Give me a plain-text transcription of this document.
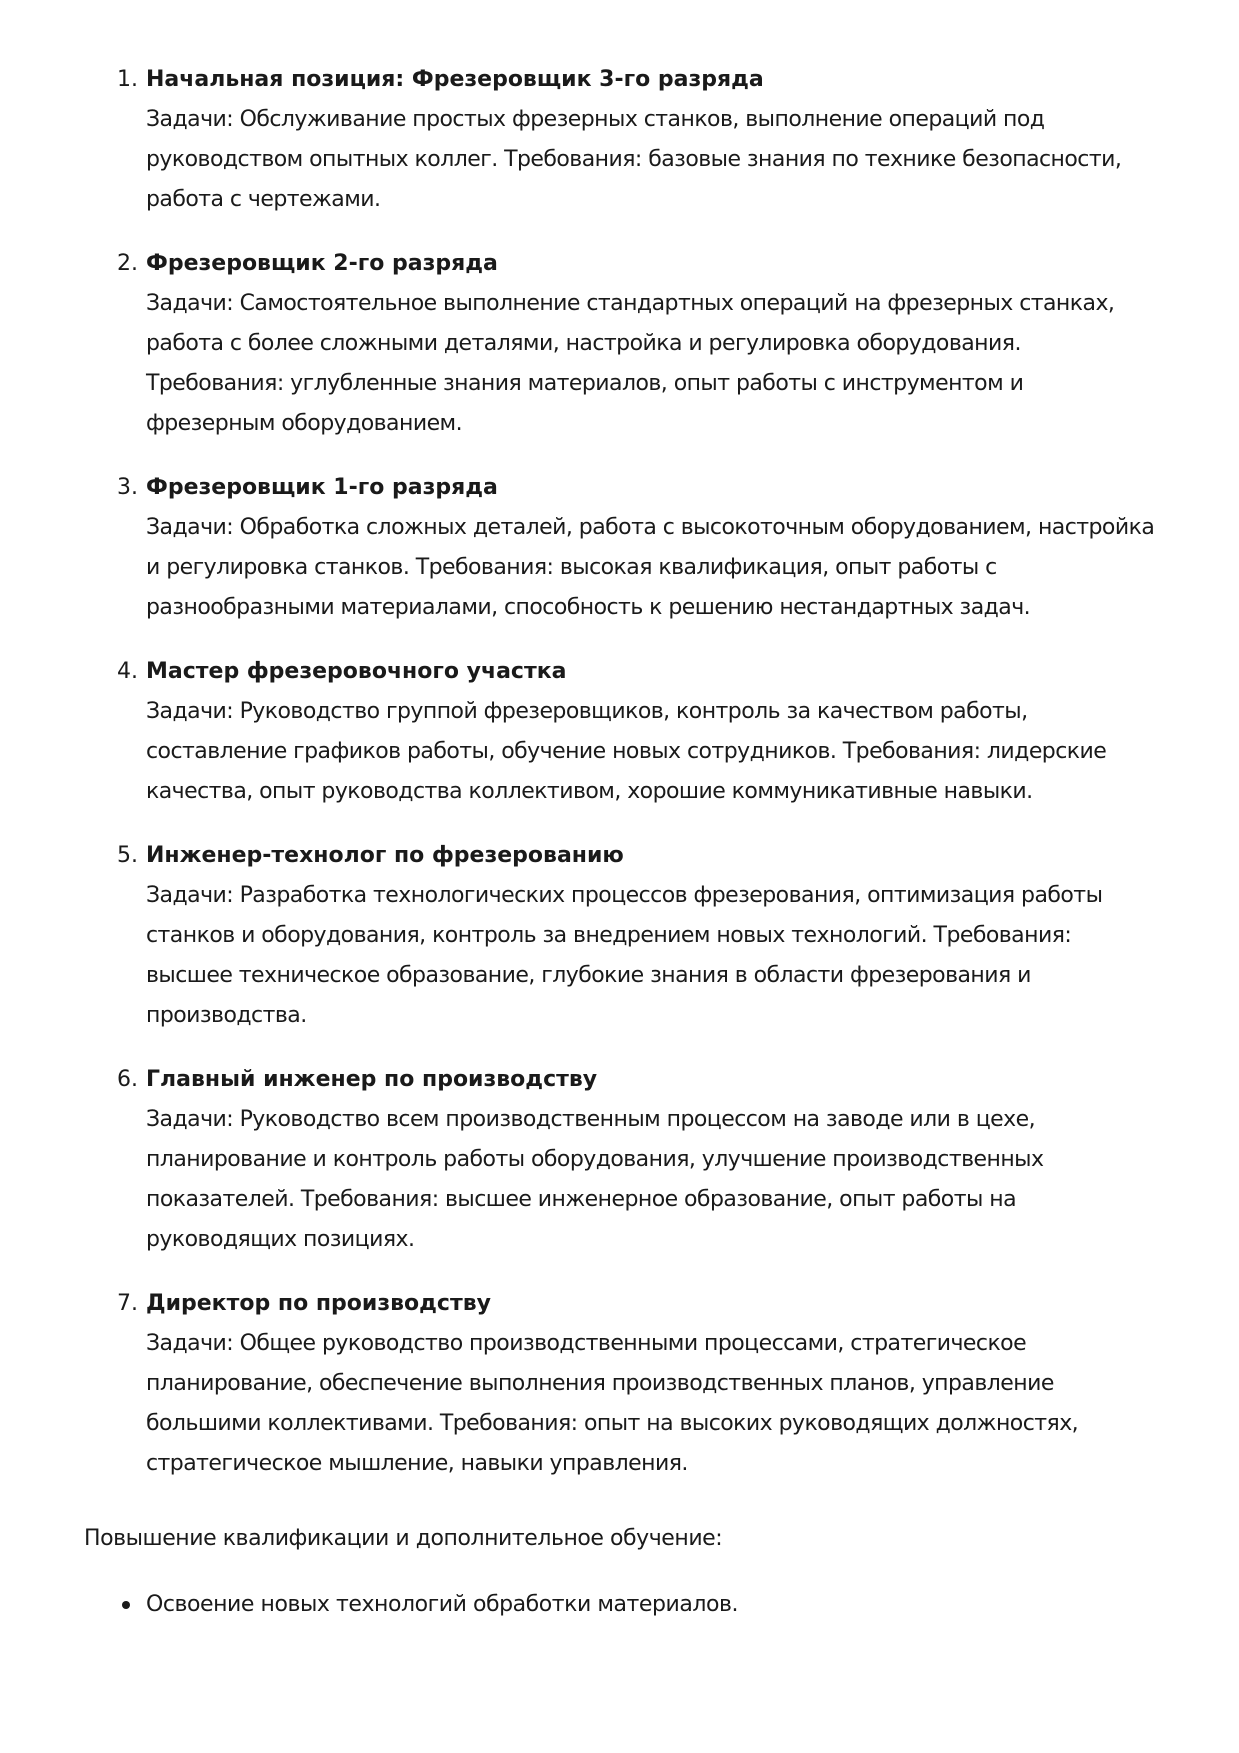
1. Начальная позиция: Фрезеровщик 3-го разряда
Задачи: Обслуживание простых фрезерных станков, выполнение операций под руководством опытных коллег. Требования: базовые знания по технике безопасности, работа с чертежами.
2. Фрезеровщик 2-го разряда
Задачи: Самостоятельное выполнение стандартных операций на фрезерных станках, работа с более сложными деталями, настройка и регулировка оборудования. Требования: углубленные знания материалов, опыт работы с инструментом и фрезерным оборудованием.
3. Фрезеровщик 1-го разряда
Задачи: Обработка сложных деталей, работа с высокоточным оборудованием, настройка и регулировка станков. Требования: высокая квалификация, опыт работы с разнообразными материалами, способность к решению нестандартных задач.
4. Мастер фрезеровочного участка
Задачи: Руководство группой фрезеровщиков, контроль за качеством работы, составление графиков работы, обучение новых сотрудников. Требования: лидерские качества, опыт руководства коллективом, хорошие коммуникативные навыки.
5. Инженер-технолог по фрезерованию
Задачи: Разработка технологических процессов фрезерования, оптимизация работы станков и оборудования, контроль за внедрением новых технологий. Требования: высшее техническое образование, глубокие знания в области фрезерования и производства.
6. Главный инженер по производству
Задачи: Руководство всем производственным процессом на заводе или в цехе, планирование и контроль работы оборудования, улучшение производственных показателей. Требования: высшее инженерное образование, опыт работы на руководящих позициях.
7. Директор по производству
Задачи: Общее руководство производственными процессами, стратегическое планирование, обеспечение выполнения производственных планов, управление большими коллективами. Требования: опыт на высоких руководящих должностях, стратегическое мышление, навыки управления.

Повышение квалификации и дополнительное обучение:

Освоение новых технологий обработки материалов.
